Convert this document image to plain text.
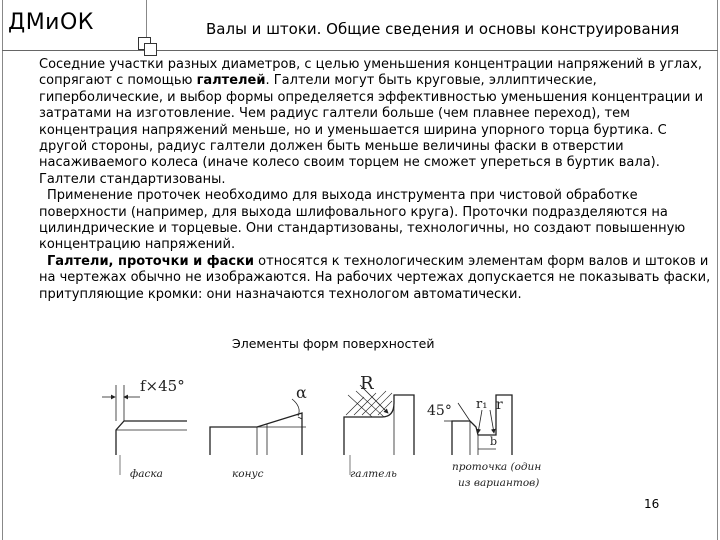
ДМиОК	Валы и штоки. Общие сведения и основы конструирования

Соседние участки разных диаметров, с целью уменьшения концентрации напряжений в углах, сопрягают с помощью галтелей. Галтели могут быть круговые, эллиптические, гиперболические, и выбор формы определяется эффективностью уменьшения концентрации и затратами на изготовление. Чем радиус галтели больше (чем плавнее переход), тем концентрация напряжений меньше, но и уменьшается ширина упорного торца буртика. С другой стороны, радиус галтели должен быть меньше величины фаски в отверстии насаживаемого колеса (иначе колесо своим торцем не сможет упереться в буртик вала). Галтели стандартизованы.

Применение проточек необходимо для выхода инструмента при чистовой обработке поверхности (например, для выхода шлифовального круга). Проточки подразделяются на цилиндрические и торцевые. Они стандартизованы, технологичны, но создают повышенную концентрацию напряжений.

Галтели, проточки и фаски относятся к технологическим элементам форм валов и штоков и на чертежах обычно не изображаются. На рабочих чертежах допускается не показывать фаски, притупляющие кромки: они назначаются технологом автоматически.

Элементы форм поверхностей
f×45°	α	R
45° r₁ r
b
фаска	конус	галтель
проточка (один
из вариантов)
16
